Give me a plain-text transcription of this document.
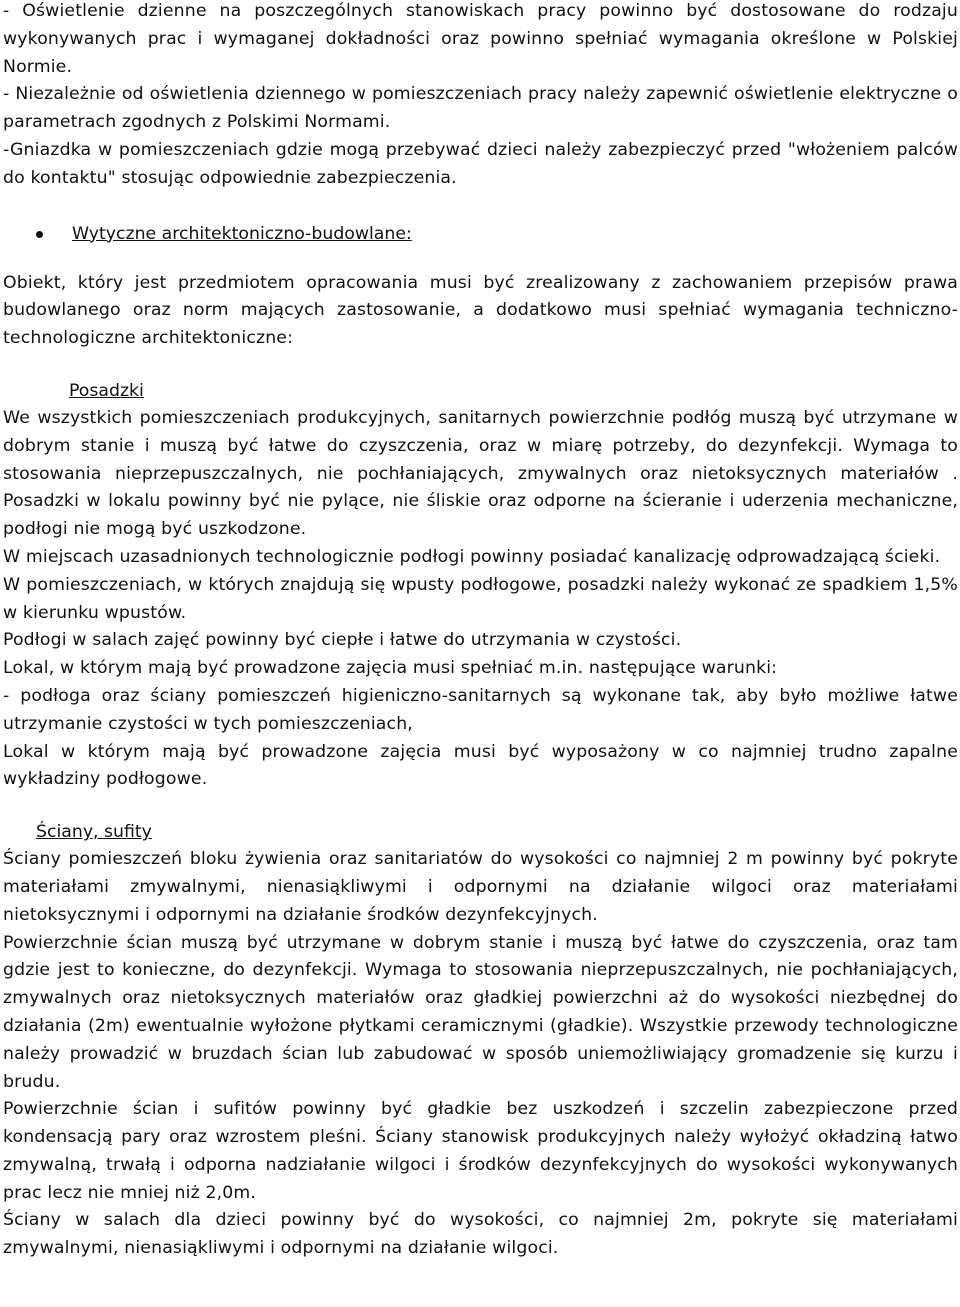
- Oświetlenie dzienne na poszczególnych stanowiskach pracy powinno być dostosowane do rodzaju wykonywanych prac i wymaganej dokładności oraz powinno spełniać wymagania określone w Polskiej Normie.

- Niezależnie od oświetlenia dziennego w pomieszczeniach pracy należy zapewnić oświetlenie elektryczne o parametrach zgodnych z Polskimi Normami.

-Gniazdka w pomieszczeniach gdzie mogą przebywać dzieci należy zabezpieczyć przed "włożeniem palców do kontaktu" stosując odpowiednie zabezpieczenia.

Wytyczne architektoniczno-budowlane:

Obiekt, który jest przedmiotem opracowania musi być zrealizowany z zachowaniem przepisów prawa budowlanego oraz norm mających zastosowanie, a dodatkowo musi spełniać wymagania techniczno-technologiczne architektoniczne:

Posadzki

We wszystkich pomieszczeniach produkcyjnych, sanitarnych powierzchnie podłóg muszą być utrzymane w dobrym stanie i muszą być łatwe do czyszczenia, oraz w miarę potrzeby, do dezynfekcji. Wymaga to stosowania nieprzepuszczalnych, nie pochłaniających, zmywalnych oraz nietoksycznych materiałów . Posadzki w lokalu powinny być nie pylące, nie śliskie oraz odporne na ścieranie i uderzenia mechaniczne, podłogi nie mogą być uszkodzone.

W miejscach uzasadnionych technologicznie podłogi powinny posiadać kanalizację odprowadzającą ścieki.

W pomieszczeniach, w których znajdują się wpusty podłogowe, posadzki należy wykonać ze spadkiem 1,5% w kierunku wpustów.

Podłogi w salach zajęć powinny być ciepłe i łatwe do utrzymania w czystości.

Lokal, w którym mają być prowadzone zajęcia musi spełniać m.in. następujące warunki:

- podłoga oraz ściany pomieszczeń higieniczno-sanitarnych są wykonane tak, aby było możliwe łatwe utrzymanie czystości w tych pomieszczeniach,

Lokal w którym mają być prowadzone zajęcia musi być wyposażony w co najmniej trudno zapalne wykładziny podłogowe.

Ściany, sufity

Ściany pomieszczeń bloku żywienia oraz sanitariatów do wysokości co najmniej 2 m powinny być pokryte materiałami zmywalnymi, nienasiąkliwymi i odpornymi na działanie wilgoci oraz materiałami nietoksycznymi i odpornymi na działanie środków dezynfekcyjnych.

Powierzchnie ścian muszą być utrzymane w dobrym stanie i muszą być łatwe do czyszczenia, oraz tam gdzie jest to konieczne, do dezynfekcji. Wymaga to stosowania nieprzepuszczalnych, nie pochłaniających, zmywalnych oraz nietoksycznych materiałów oraz gładkiej powierzchni aż do wysokości niezbędnej do działania (2m) ewentualnie wyłożone płytkami ceramicznymi (gładkie). Wszystkie przewody technologiczne należy prowadzić w bruzdach ścian lub zabudować w sposób uniemożliwiający gromadzenie się kurzu i brudu.

Powierzchnie ścian i sufitów powinny być gładkie bez uszkodzeń i szczelin zabezpieczone przed kondensacją pary oraz wzrostem pleśni. Ściany stanowisk produkcyjnych należy wyłożyć okładziną łatwo zmywalną, trwałą i odporna nadziałanie wilgoci i środków dezynfekcyjnych do wysokości wykonywanych prac lecz nie mniej niż 2,0m.

Ściany w salach dla dzieci powinny być do wysokości, co najmniej 2m, pokryte się materiałami zmywalnymi, nienasiąkliwymi i odpornymi na działanie wilgoci.
